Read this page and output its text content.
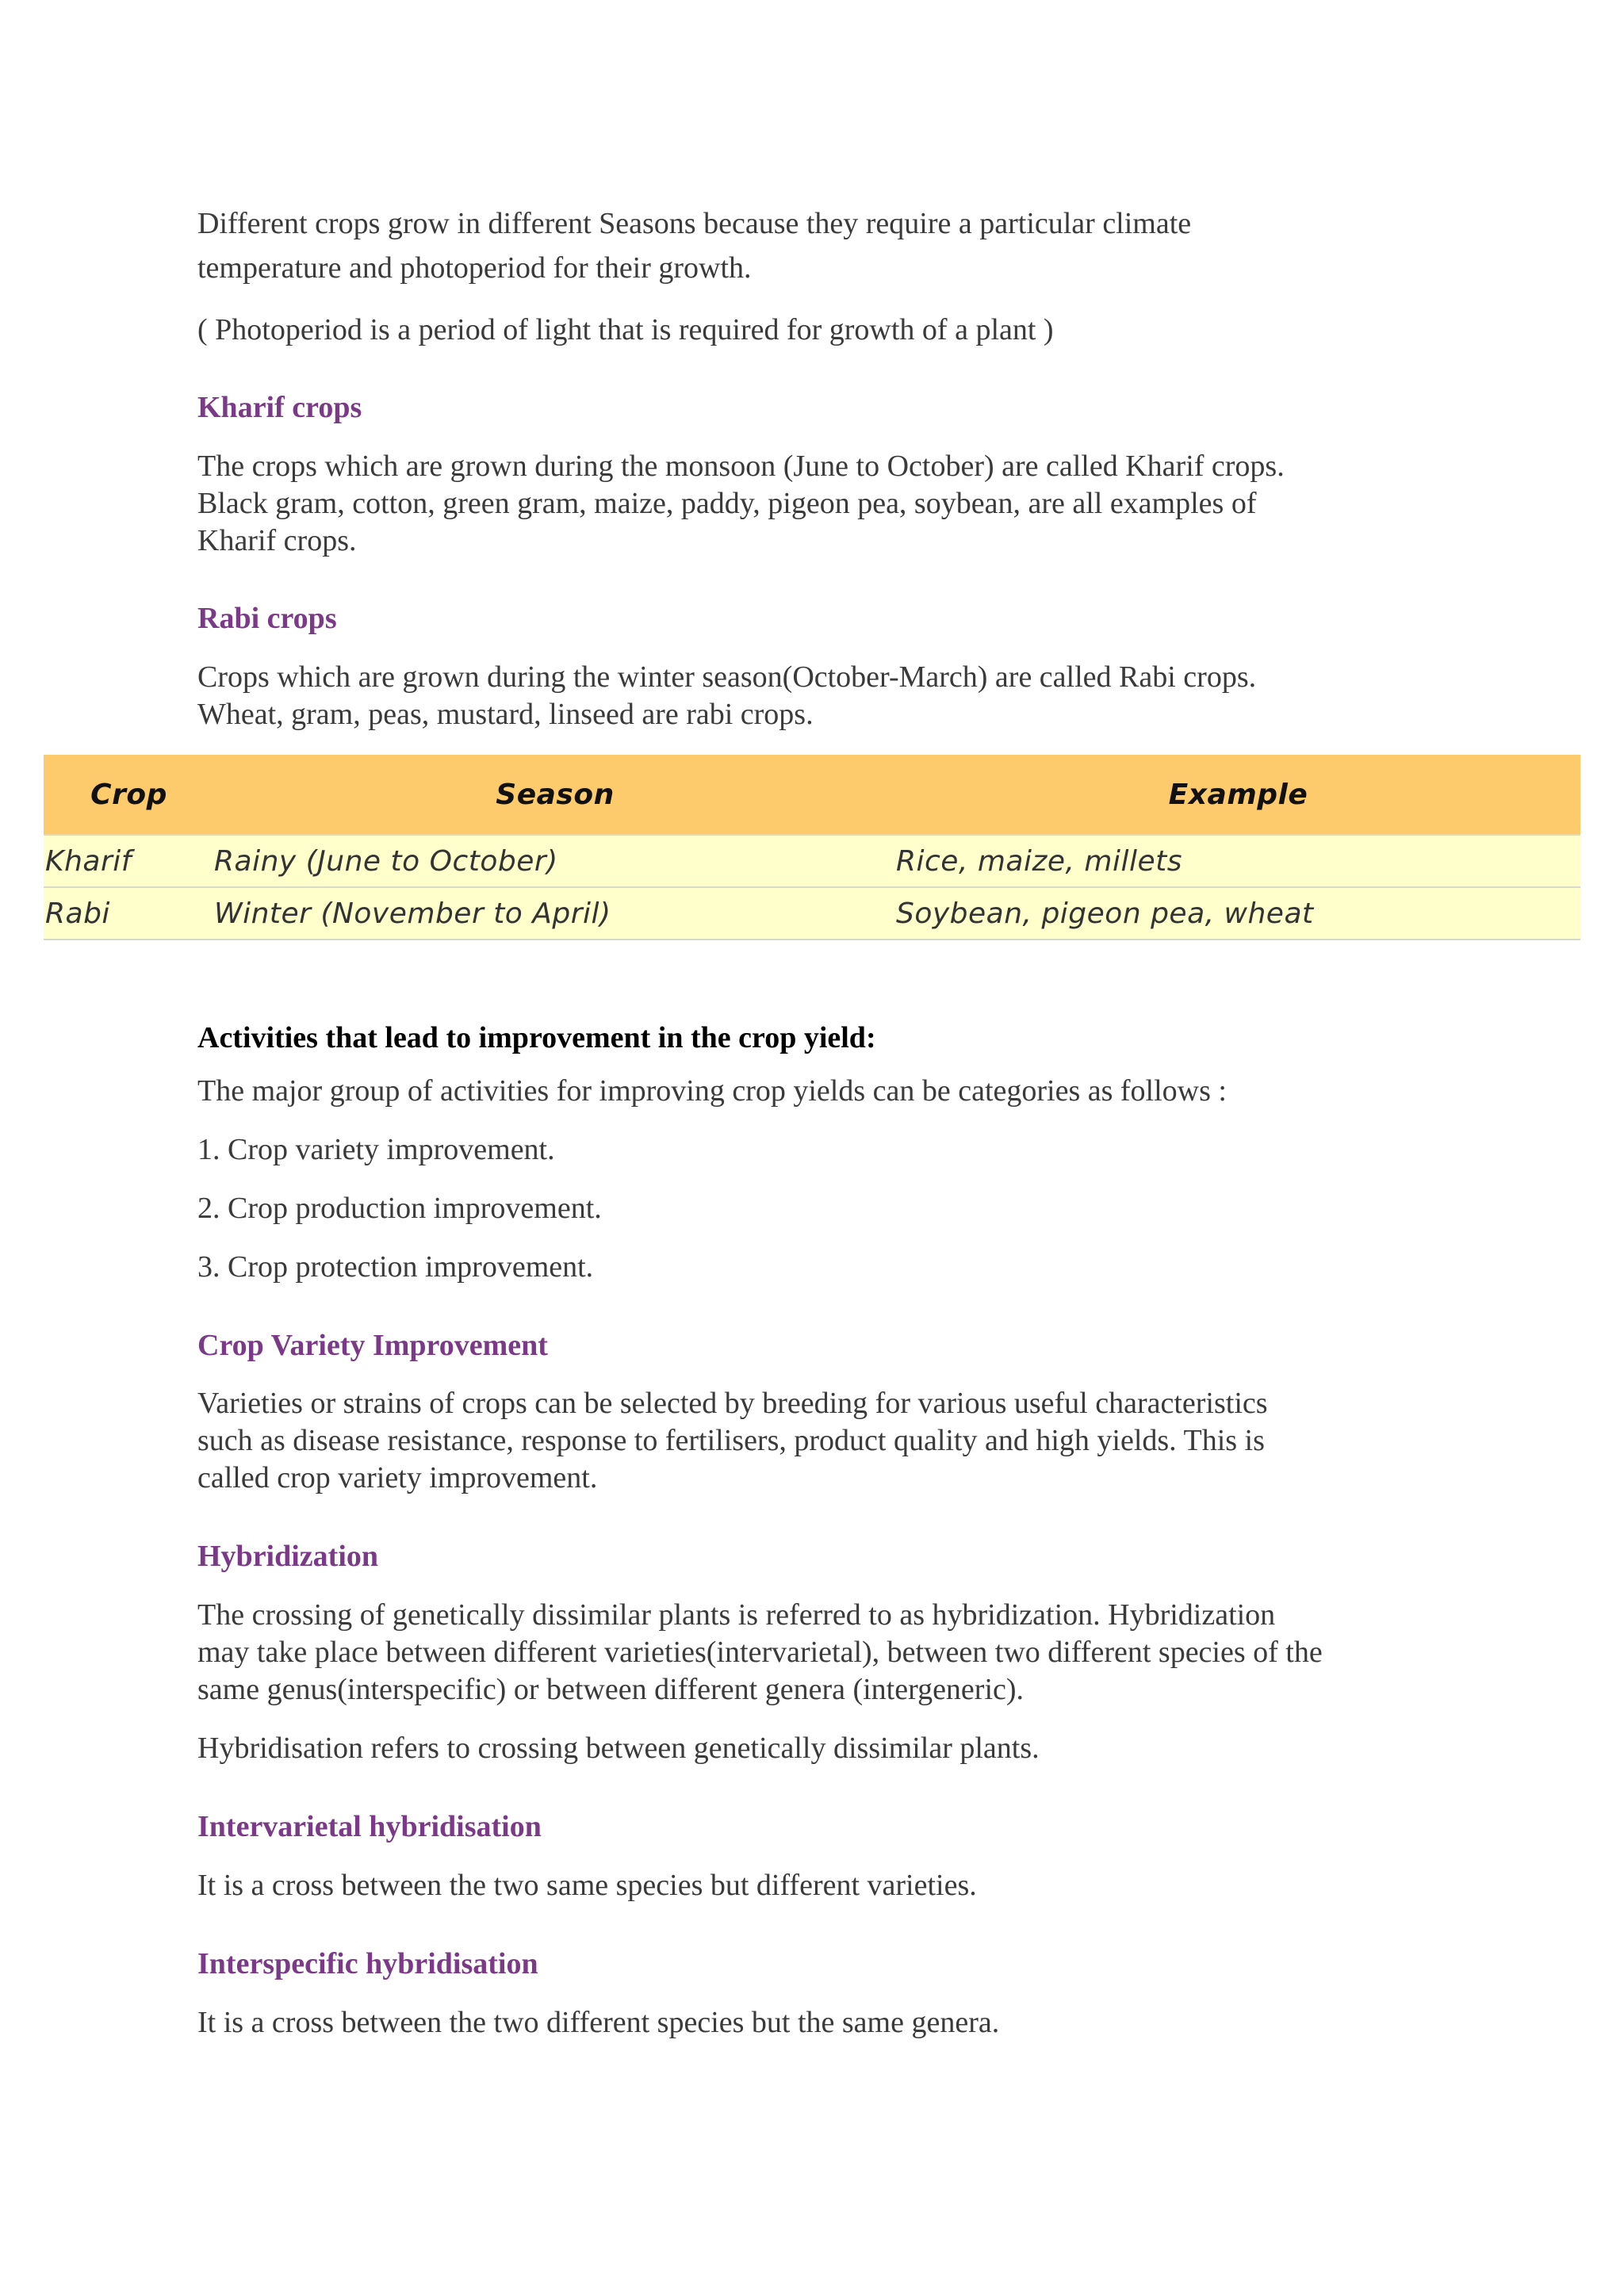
Different crops grow in different Seasons because they require a particular climate

temperature and photoperiod for their growth.

( Photoperiod is a period of light that is required for growth of a plant )

Kharif crops

The crops which are grown during the monsoon (June to October) are called Kharif crops.

Black gram, cotton, green gram, maize, paddy, pigeon pea, soybean, are all examples of

Kharif crops.

Rabi crops

Crops which are grown during the winter season(October-March) are called Rabi crops.

Wheat, gram, peas, mustard, linseed are rabi crops.

Crop	Season	Example
Kharif	Rainy (June to October)	Rice, maize, millets
Rabi	Winter (November to April)	Soybean, pigeon pea, wheat

Activities that lead to improvement in the crop yield:

The major group of activities for improving crop yields can be categories as follows :

1. Crop variety improvement.

2. Crop production improvement.

3. Crop protection improvement.

Crop Variety Improvement

Varieties or strains of crops can be selected by breeding for various useful characteristics

such as disease resistance, response to fertilisers, product quality and high yields. This is

called crop variety improvement.

Hybridization

The crossing of genetically dissimilar plants is referred to as hybridization. Hybridization

may take place between different varieties(intervarietal), between two different species of the

same genus(interspecific) or between different genera (intergeneric).

Hybridisation refers to crossing between genetically dissimilar plants.

Intervarietal hybridisation

It is a cross between the two same species but different varieties.

Interspecific hybridisation

It is a cross between the two different species but the same genera.
